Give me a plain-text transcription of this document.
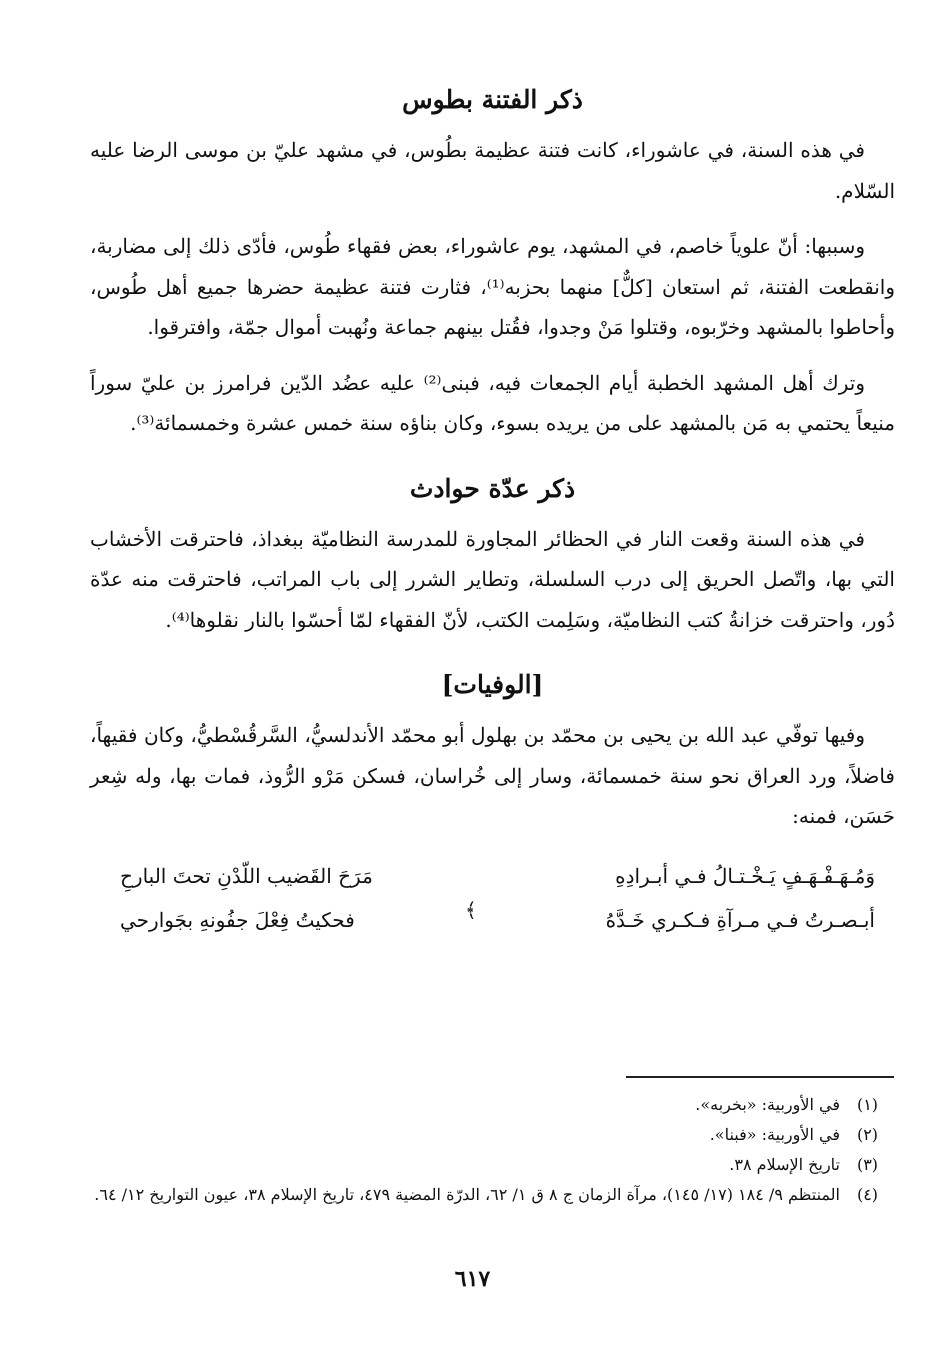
ذكر الفتنة بطوس

في هذه السنة، في عاشوراء، كانت فتنة عظيمة بطُوس، في مشهد عليّ بن موسى الرضا عليه السّلام.

وسببها: أنّ علوياً خاصم، في المشهد، يوم عاشوراء، بعض فقهاء طُوس، فأدّى ذلك إلى مضاربة، وانقطعت الفتنة، ثم استعان [كلٌّ] منهما بحزبه⁽¹⁾، فثارت فتنة عظيمة حضرها جميع أهل طُوس، وأحاطوا بالمشهد وخرّبوه، وقتلوا مَنْ وجدوا، فقُتل بينهم جماعة ونُهبت أموال جمّة، وافترقوا.

وترك أهل المشهد الخطبة أيام الجمعات فيه، فبنى⁽²⁾ عليه عضُد الدّين فرامرز بن عليّ سوراً منيعاً يحتمي به مَن بالمشهد على من يريده بسوء، وكان بناؤه سنة خمس عشرة وخمسمائة⁽³⁾.

ذكر عدّة حوادث

في هذه السنة وقعت النار في الحظائر المجاورة للمدرسة النظاميّة ببغداذ، فاحترقت الأخشاب التي بها، واتّصل الحريق إلى درب السلسلة، وتطاير الشرر إلى باب المراتب، فاحترقت منه عدّة دُور، واحترقت خزانةُ كتب النظاميّة، وسَلِمت الكتب، لأنّ الفقهاء لمّا أحسّوا بالنار نقلوها⁽⁴⁾.

[الوفيات]

وفيها توفّي عبد الله بن يحيى بن محمّد بن بهلول أبو محمّد الأندلسيُّ، السَّرقُسْطيُّ، وكان فقيهاً، فاضلاً، ورد العراق نحو سنة خمسمائة، وسار إلى خُراسان، فسكن مَرْو الرُّوذ، فمات بها، وله شِعر حَسَن، فمنه:

وَمُـهَـفْـهَـفٍ يَـخْـتـالُ فـي أبـرادِهِ
مَرَحَ القَضيب اللّدْنِ تحتَ البارحِ
أبـصـرتُ فـي مـرآةِ فـكـري خَـدَّهُ
فحكيتُ فِعْلَ جفُونهِ بجَوارحي	﴾
(١)
في الأوربية: «بخربه».
(٢)
في الأوربية: «فبنا».
(٣)
تاريخ الإسلام ٣٨.
(٤)
المنتظم ٩/ ١٨٤ (١٧/ ١٤٥)، مرآة الزمان ج ٨ ق ١/ ٦٢، الدرّة المضية ٤٧٩، تاريخ الإسلام ٣٨، عيون التواريخ ١٢/ ٦٤.
٦١٧
